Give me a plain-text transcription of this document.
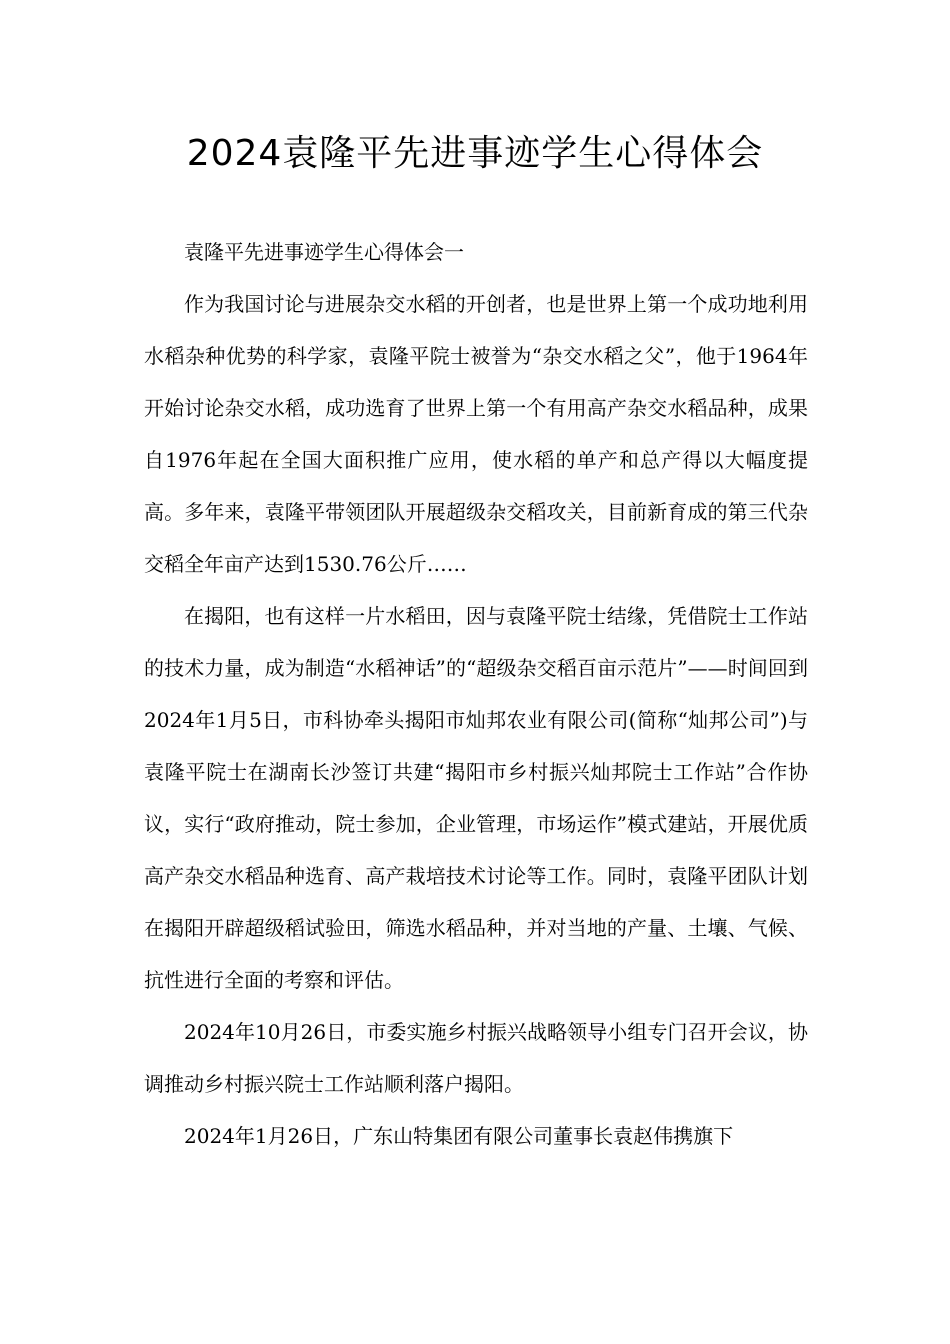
2024袁隆平先进事迹学生心得体会

袁隆平先进事迹学生心得体会一

作为我国讨论与进展杂交水稻的开创者，也是世界上第一个成功地利用水稻杂种优势的科学家，袁隆平院士被誉为“杂交水稻之父”，他于1964年开始讨论杂交水稻，成功选育了世界上第一个有用高产杂交水稻品种，成果自1976年起在全国大面积推广应用，使水稻的单产和总产得以大幅度提高。多年来，袁隆平带领团队开展超级杂交稻攻关，目前新育成的第三代杂交稻全年亩产达到1530.76公斤……

在揭阳，也有这样一片水稻田，因与袁隆平院士结缘，凭借院士工作站的技术力量，成为制造“水稻神话”的“超级杂交稻百亩示范片”——时间回到2024年1月5日，市科协牵头揭阳市灿邦农业有限公司(简称“灿邦公司”)与袁隆平院士在湖南长沙签订共建“揭阳市乡村振兴灿邦院士工作站”合作协议，实行“政府推动，院士参加，企业管理，市场运作”模式建站，开展优质高产杂交水稻品种选育、高产栽培技术讨论等工作。同时，袁隆平团队计划在揭阳开辟超级稻试验田，筛选水稻品种，并对当地的产量、土壤、气候、抗性进行全面的考察和评估。

2024年10月26日，市委实施乡村振兴战略领导小组专门召开会议，协调推动乡村振兴院士工作站顺利落户揭阳。

2024年1月26日，广东山特集团有限公司董事长袁赵伟携旗下
